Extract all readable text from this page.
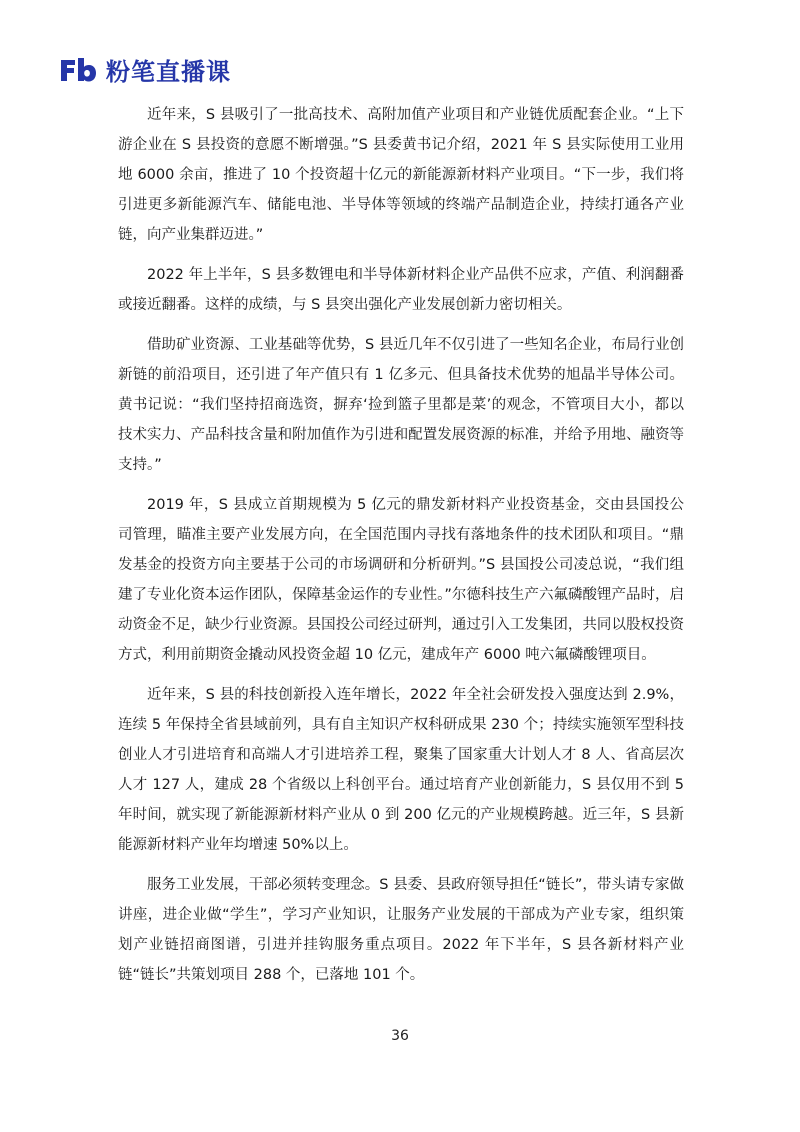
粉笔直播课

近年来，S 县吸引了一批高技术、高附加值产业项目和产业链优质配套企业。“上下游企业在 S 县投资的意愿不断增强。”S 县委黄书记介绍，2021 年 S 县实际使用工业用地 6000 余亩，推进了 10 个投资超十亿元的新能源新材料产业项目。“下一步，我们将引进更多新能源汽车、储能电池、半导体等领域的终端产品制造企业，持续打通各产业链，向产业集群迈进。”

2022 年上半年，S 县多数锂电和半导体新材料企业产品供不应求，产值、利润翻番或接近翻番。这样的成绩，与 S 县突出强化产业发展创新力密切相关。

借助矿业资源、工业基础等优势，S 县近几年不仅引进了一些知名企业，布局行业创新链的前沿项目，还引进了年产值只有 1 亿多元、但具备技术优势的旭晶半导体公司。黄书记说：“我们坚持招商选资，摒弃‘捡到篮子里都是菜’的观念，不管项目大小，都以技术实力、产品科技含量和附加值作为引进和配置发展资源的标准，并给予用地、融资等支持。”

2019 年，S 县成立首期规模为 5 亿元的鼎发新材料产业投资基金，交由县国投公司管理，瞄准主要产业发展方向，在全国范围内寻找有落地条件的技术团队和项目。“鼎发基金的投资方向主要基于公司的市场调研和分析研判。”S 县国投公司凌总说，“我们组建了专业化资本运作团队，保障基金运作的专业性。”尔德科技生产六氟磷酸锂产品时，启动资金不足，缺少行业资源。县国投公司经过研判，通过引入工发集团，共同以股权投资方式，利用前期资金撬动风投资金超 10 亿元，建成年产 6000 吨六氟磷酸锂项目。

近年来，S 县的科技创新投入连年增长，2022 年全社会研发投入强度达到 2.9%，连续 5 年保持全省县域前列，具有自主知识产权科研成果 230 个；持续实施领军型科技创业人才引进培育和高端人才引进培养工程，聚集了国家重大计划人才 8 人、省高层次人才 127 人，建成 28 个省级以上科创平台。通过培育产业创新能力，S 县仅用不到 5 年时间，就实现了新能源新材料产业从 0 到 200 亿元的产业规模跨越。近三年，S 县新能源新材料产业年均增速 50%以上。

服务工业发展，干部必须转变理念。S 县委、县政府领导担任“链长”，带头请专家做讲座，进企业做“学生”，学习产业知识，让服务产业发展的干部成为产业专家，组织策划产业链招商图谱，引进并挂钩服务重点项目。2022 年下半年，S 县各新材料产业链“链长”共策划项目 288 个，已落地 101 个。

36
